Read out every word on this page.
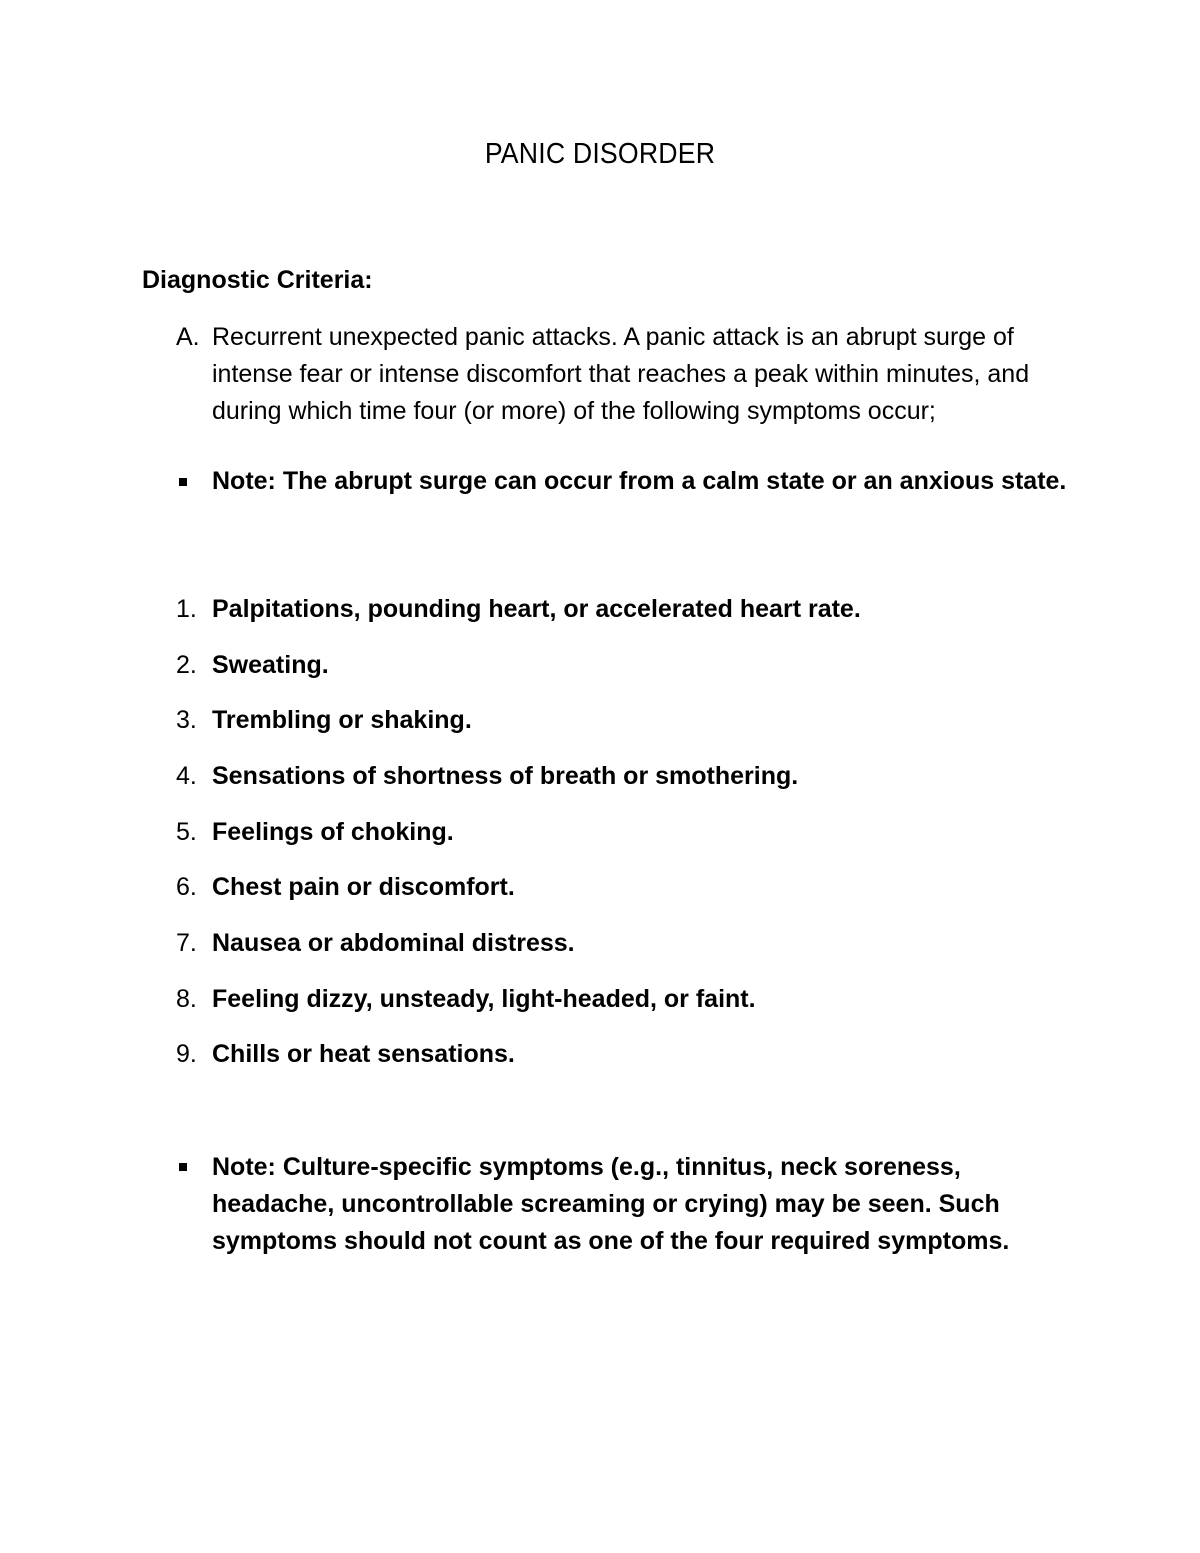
PANIC DISORDER
Diagnostic Criteria:
A. Recurrent unexpected panic attacks. A panic attack is an abrupt surge of intense fear or intense discomfort that reaches a peak within minutes, and during which time four (or more) of the following symptoms occur;
Note: The abrupt surge can occur from a calm state or an anxious state.
1. Palpitations, pounding heart, or accelerated heart rate.
2. Sweating.
3. Trembling or shaking.
4. Sensations of shortness of breath or smothering.
5. Feelings of choking.
6. Chest pain or discomfort.
7. Nausea or abdominal distress.
8. Feeling dizzy, unsteady, light-headed, or faint.
9. Chills or heat sensations.
Note: Culture-specific symptoms (e.g., tinnitus, neck soreness, headache, uncontrollable screaming or crying) may be seen. Such symptoms should not count as one of the four required symptoms.
